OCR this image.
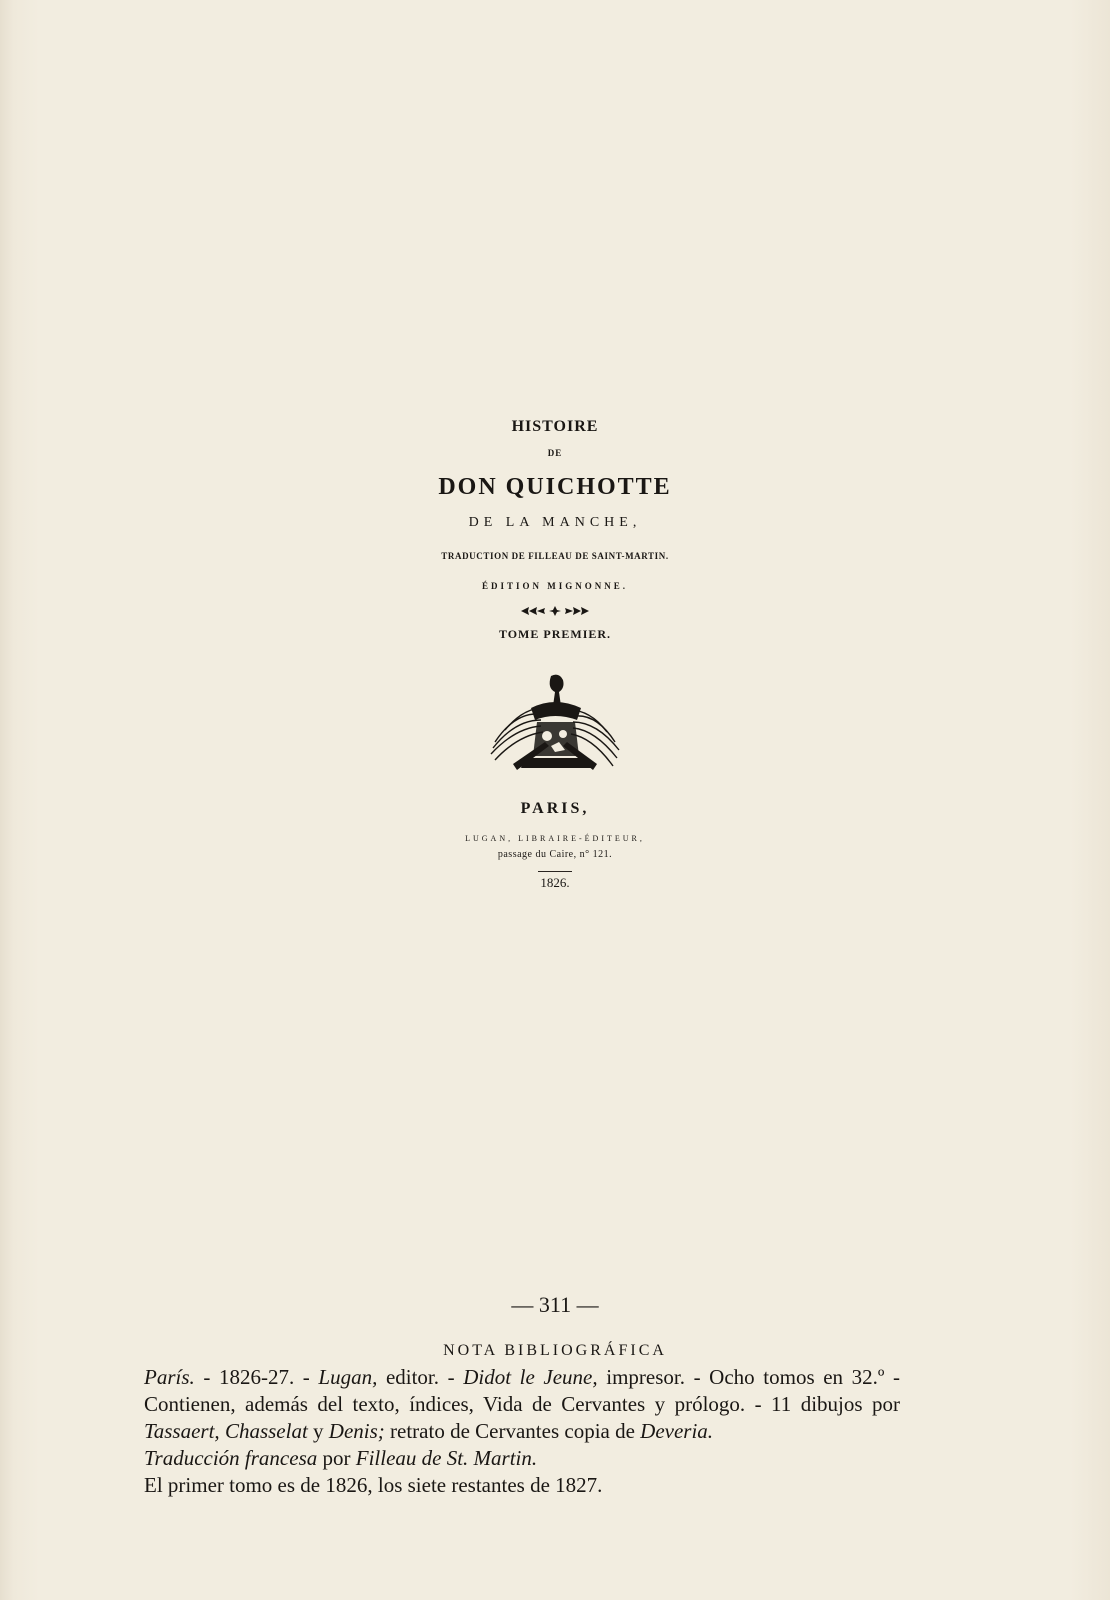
HISTOIRE
DE
DON QUICHOTTE
DE LA MANCHE,
TRADUCTION DE FILLEAU DE SAINT-MARTIN.
ÉDITION MIGNONNE.
TOME PREMIER.
PARIS,
LUGAN, LIBRAIRE-ÉDITEUR,
passage du Caire, n° 121.
1826.
— 311 —
NOTA BIBLIOGRÁFICA

París. - 1826-27. - Lugan, editor. - Didot le Jeune, impresor. - Ocho tomos en 32.º - Contienen, además del texto, índices, Vida de Cervantes y prólogo. - 11 dibujos por Tassaert, Chasselat y Denis; retrato de Cervantes copia de Deveria.

Traducción francesa por Filleau de St. Martin.

El primer tomo es de 1826, los siete restantes de 1827.
